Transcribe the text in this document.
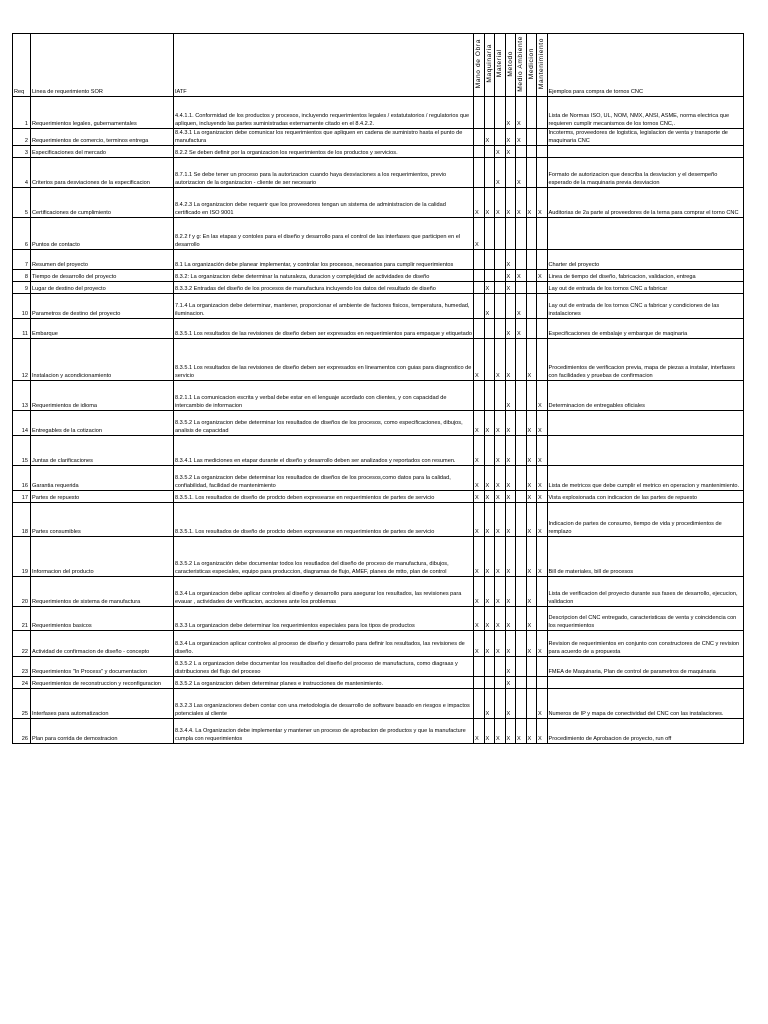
Req	Linea de requerimiento SOR	IATF	Mano de Obra	Maquinaria	Material	Metodo	Medio Ambiente	Medicion	Mantenimiento	Ejemplos para compra de tornos CNC
1	Requerimientos legales, gubernamentales	4.4.1.1. Conformidad de los productos y procesos, incluyendo requerimientos legales / estatutatorios / regulatorios que apliquen, incluyendo las partes suministradas externamente citado en el 8.4.2.2.				X	X			Lista de Normas ISO, UL, NOM, NMX, ANSI, ASME, norma electrica que requieren cumplir mecanismos de los tornos CNC,.
2	Requerimientos de comercio, terminos entrega	8.4.3.1 La organizacion debe comunicar los requerimientos que apliquen en cadena de suministro hasta el punto de manufactura		X		X	X			Incoterms, proveedores de logistica, legislacion de venta y transporte de maquinaria CNC
3	Especificaciones del mercado	8.2.2 Se deben definir por la organizacion los requerimientos de los productos y servicios.			X	X				
4	Criterios para desviaciones de la especificacion	8.7.1.1 Se debe tener un proceso para la autorizacion cuando haya desviaciones a los requerimientos, previo autorizacion de la organizacion - cliente de ser necesario			X		X			Formato de autorizacion que describa la desviacion y el desempeño esperado de la maquinaria previa desviacion
5	Certificaciones de cumplimiento	8.4.2.3 La organizacion debe requerir que los proveedores tengan un sistema de administracion de la calidad certificado en ISO 9001	X	X	X	X	X	X	X	Auditorias de 2a parte al proveedores de la terna para comprar el torno CNC
6	Puntos de contacto	8.2.2 f y g: En las etapas y contoles para el diseño y desarrollo para el control de las interfases que participen en el desarrollo	X							
7	Resumen del proyecto	8.1 La organización debe planear implementar, y controlar los procesos, necesarios para cumplir requerimientos				X				Charter del proyecto
8	Tiempo de desarrollo del proyecto	8.3.2: La organizacion debe determinar la naturaleza, duracion y complejidad de actividades de diseño				X	X		X	Linea de tiempo del diseño, fabricacion, validacion, entrega
9	Lugar de destino del proyecto	8.3.3.2 Entradas del diseño de los procesos de manufactura incluyendo los datos del resultado de diseño		X		X				Lay out de entrada de los tornos CNC a fabricar
10	Parametros de destino del proyecto	7.1.4 La organizacion debe determinar, mantener, proporcionar el ambiente de factores fisicos, temperatura, humedad, iluminacion.		X			X			Lay out de entrada de los tornos CNC a fabricar y condiciones de las instalaciones
11	Embarque	8.3.5.1 Los resultados de las revisiones de diseño deben ser expresados en requerimientos para empaque y etiquetado				X	X			Especificaciones de embalaje y embarque de maqinaria
12	Instalacion y acondicionamiento	8.3.5.1 Los resultados de las revisiones de diseño deben ser expresados en lineamentos con guias para diagnostico de servicio	X		X	X		X		Procedimientos de verificacion previa, mapa de piezas a instalar, interfases con facilidades y pruebas de confirmacion
13	Requerimientos de idioma	8.2.1.1 La comunicacion escrita y verbal debe estar en el lenguaje acordado con clientes, y con capacidad de intercambio de informacion				X			X	Determinacion de entregables oficiales
14	Entregables de la cotizacion	8.3.5.2 La organizacion debe determinar los resultados de diseños de los procesos, como especificaciones, dibujos, analisis de capacidad	X	X	X	X		X	X	
15	Juntas de clarificaciones	8.3.4.1 Las mediciones en etapar durante el diseño y desarrollo deben ser analizados y reportados con resumen.	X		X	X		X	X	
16	Garantia requerida	8.3.5.2 La organizacion debe determinar los resultados de diseños de los procesos,como datos para la calidad, confiabilidad, facilidad de mantenimiento	X	X	X	X		X	X	Lista de metricos que debe cumplir el metrico en operacion y mantenimiento.
17	Partes de repuesto	8.3.5.1. Los resultados de diseño de prodcto deben expresearse en requerimientos de partes de servicio	X	X	X	X		X	X	Vista explosionada con indicacion de las partes de repuesto
18	Partes consumibles	8.3.5.1. Los resultados de diseño de prodcto deben expresearse en requerimientos de partes de servicio	X	X	X	X		X	X	Indicacion de partes de consumo, tiempo de vida y procedimientos de remplazo
19	Informacion del producto	8.3.5.2 La organización debe documentar todos los resutlados del diseño de proceso de manufactura, dibujos, caracteristicas especiales, equipo para produccion, diagramas de flujo, AMEF, planes de mtto, plan de control	X	X	X	X		X	X	Bill de materiales, bill de procesos
20	Requerimientos de sistema de manufactura	8.3.4 La organizacion debe aplicar controles al diseño y desarrollo para asegurar los resultados, las revisiones para evauar , actividades de verificacion, acciones ante los problemas	X	X	X	X		X		Lista de verificacion del proyecto durante sus fases de desarrollo, ejecucion, validacion
21	Requerimientos basicos	8.3.3 La organizacion debe determinar los requerimientos especiales para los tipos de productos	X	X	X	X		X		Descripcion del CNC entregado, caracteristicas de venta y coincidencia con los requerimientos
22	Actividad de confirmacion de diseño - concepto	8.3.4 La organizacion aplicar controles al proceso de diseño y desarrollo para definir los resultados, las revisiones de diseño.	X	X	X	X		X	X	Revision de requerimientos en conjunto con constructores de CNC y revision para acuerdo de a propuesta
23	Requerimientos "In Process" y documentacion	8.3.5.2 L a organizacion debe documentar los resultados del diseño del proceso de manufactura, como diagraas y distribuciones del flujo del proceso				X				FMEA de Maquinaria, Plan de control de parametros de maquinaria
24	Requerimientos de reconstruccion y reconfiguracion	8.3.5.2 La organizacion deben determinar planes e instrucciones de mantenimiento.				X				
25	Interfases para automatizacion	8.3.2.3 Las organizaciones deben contar con una metodologia de desarrollo de software basado en riesgos e impactos potenciales al cliente		X		X			X	Numeros de IP y mapa de conectividad del CNC con las instalaciones.
26	Plan para corrida de demostracion	8.3.4.4. La Organizacion debe implementar y mantener un proceso de aprobacion de productos y que la manufacture cumpla con requerimientos	X	X	X	X	X	X	X	Procedimiento de Aprobacion de proyecto, run off
